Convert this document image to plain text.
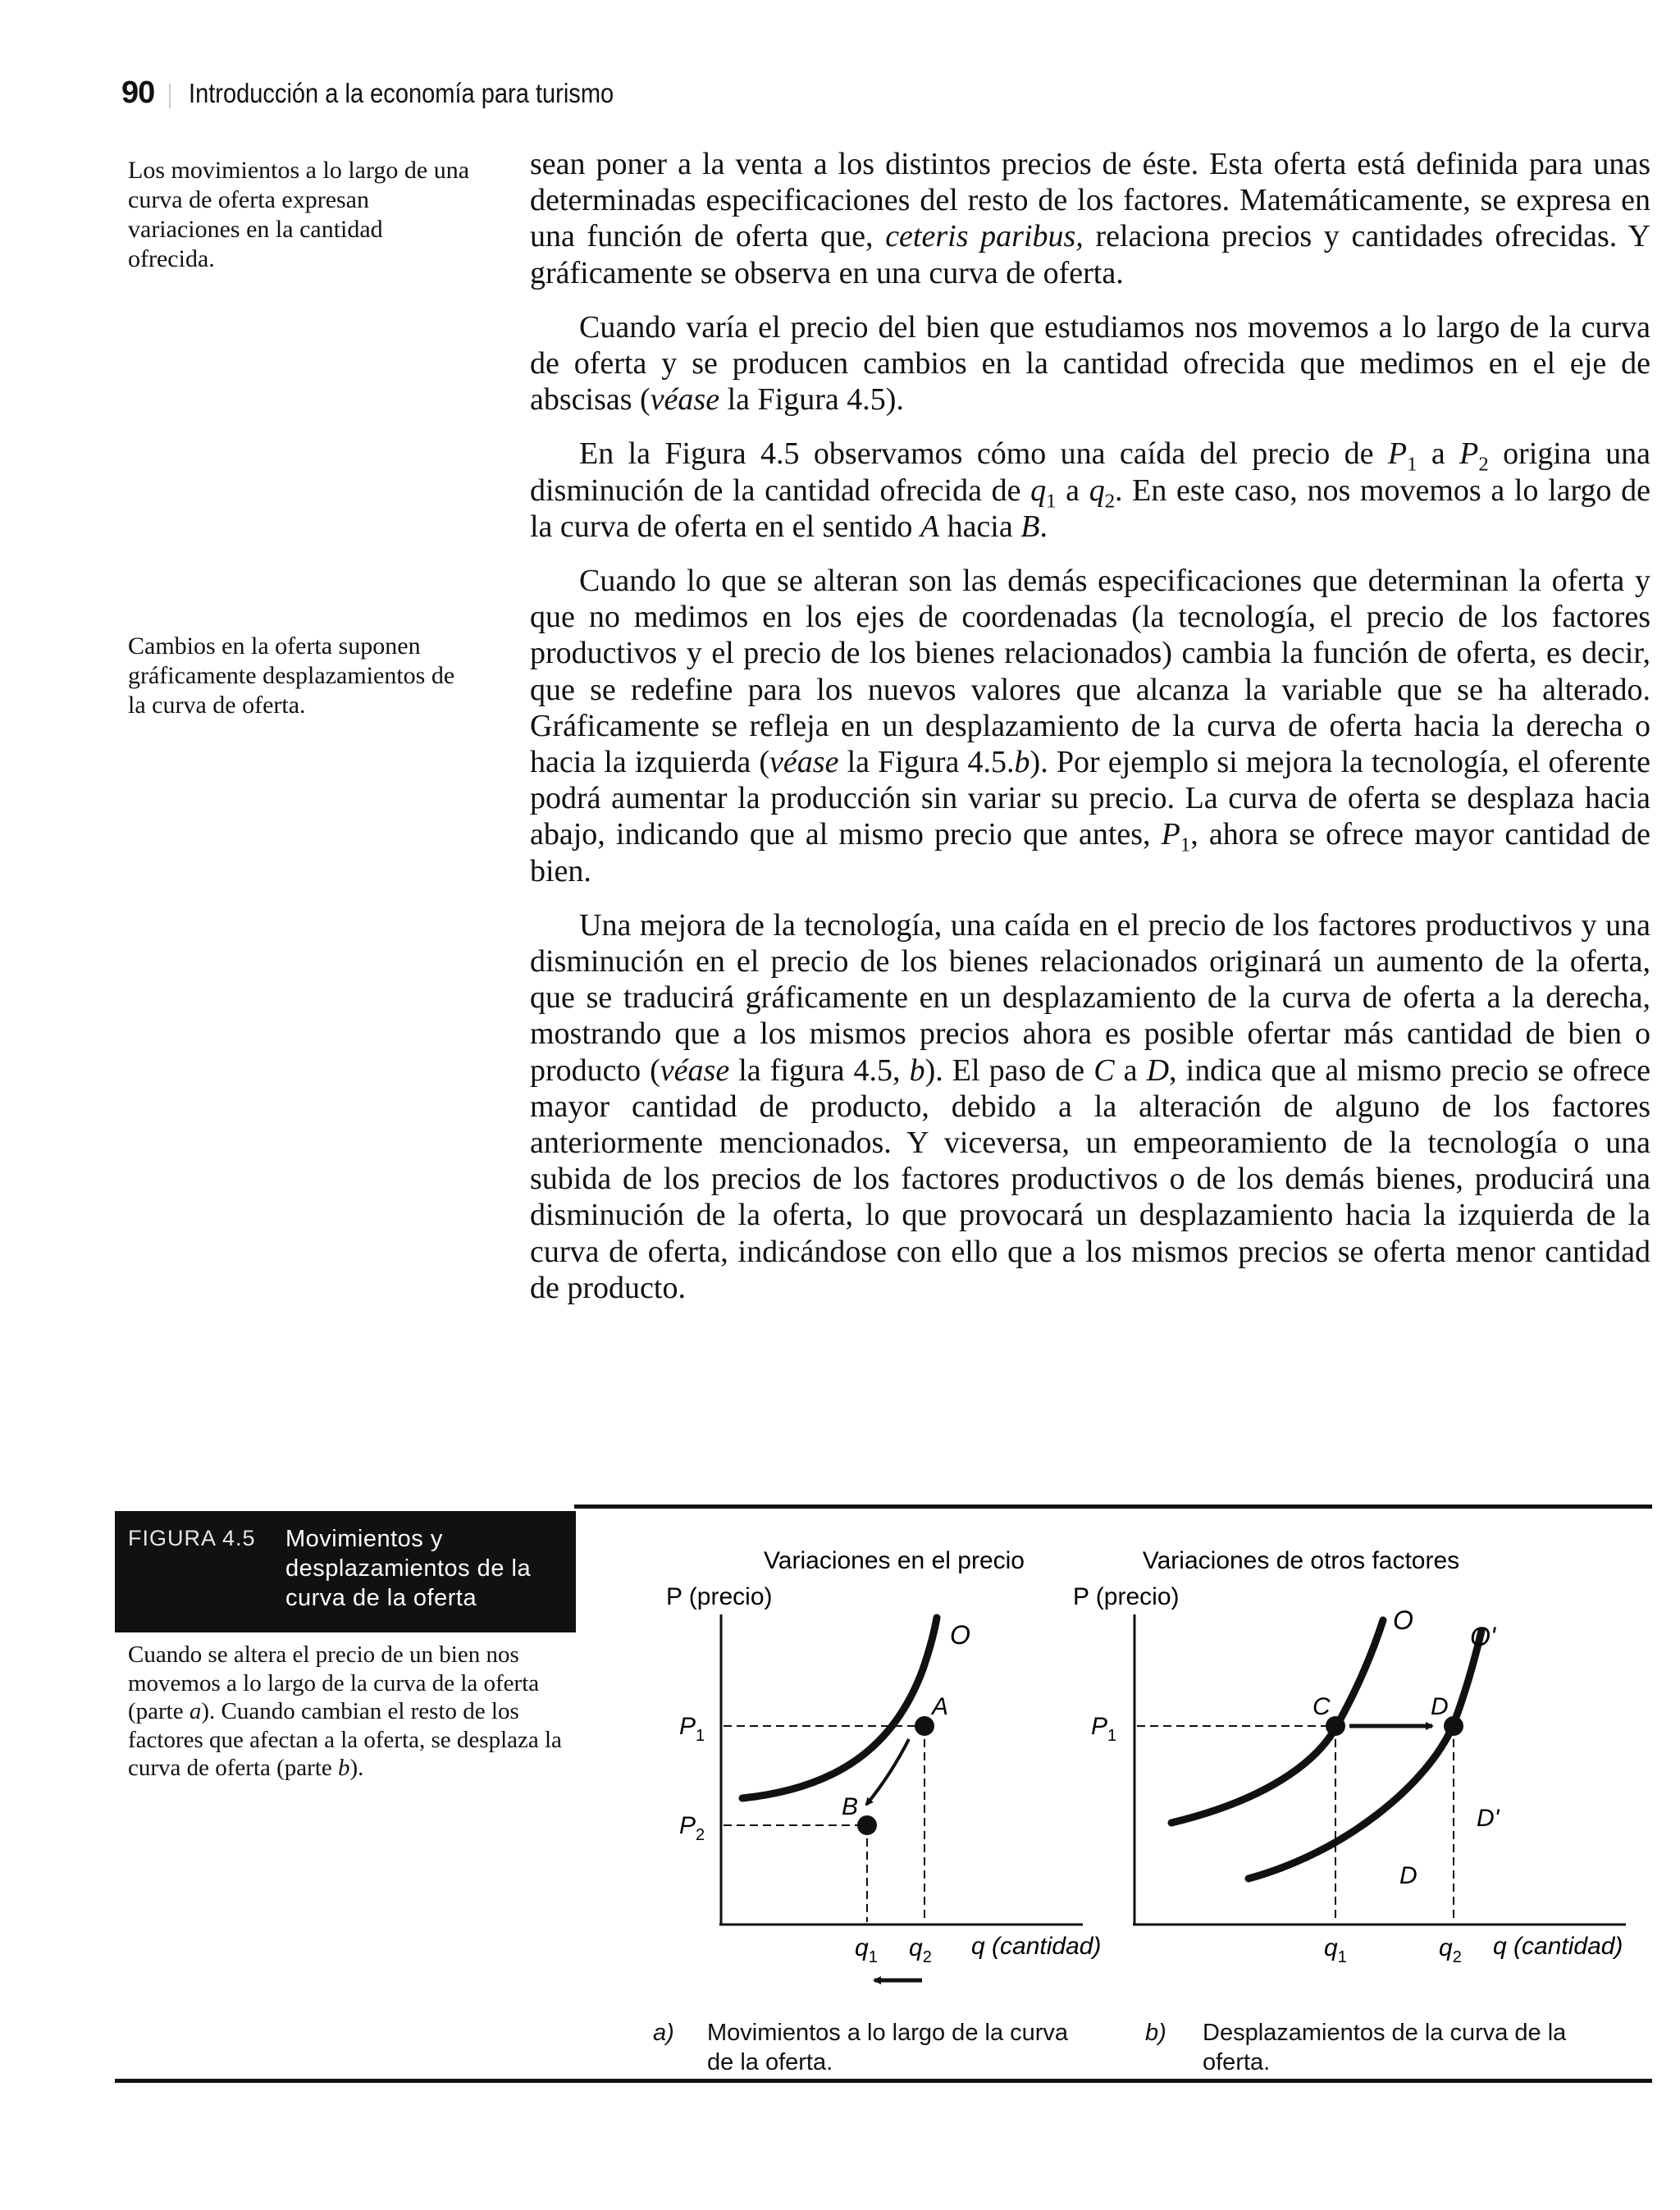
90 Introducción a la economía para turismo
Los movimientos a lo largo de una curva de oferta expresan variaciones en la cantidad ofrecida.
Cambios en la oferta suponen gráficamente desplazamientos de la curva de oferta.

sean poner a la venta a los distintos precios de éste. Esta oferta está definida para unas determinadas especificaciones del resto de los factores. Matemáticamente, se expresa en una función de oferta que, ceteris paribus, relaciona precios y cantidades ofrecidas. Y gráficamente se observa en una curva de oferta.

Cuando varía el precio del bien que estudiamos nos movemos a lo largo de la curva de oferta y se producen cambios en la cantidad ofrecida que medimos en el eje de abscisas (véase la Figura 4.5).

En la Figura 4.5 observamos cómo una caída del precio de $P_1$ a $P_2$ origina una disminución de la cantidad ofrecida de $q_1$ a $q_2$. En este caso, nos movemos a lo largo de la curva de oferta en el sentido A hacia B.

Cuando lo que se alteran son las demás especificaciones que determinan la oferta y que no medimos en los ejes de coordenadas (la tecnología, el precio de los factores productivos y el precio de los bienes relacionados) cambia la función de oferta, es decir, que se redefine para los nuevos valores que alcanza la variable que se ha alterado. Gráficamente se refleja en un desplazamiento de la curva de oferta hacia la derecha o hacia la izquierda (véase la Figura 4.5.b). Por ejemplo si mejora la tecnología, el oferente podrá aumentar la producción sin variar su precio. La curva de oferta se desplaza hacia abajo, indicando que al mismo precio que antes, $P_1$, ahora se ofrece mayor cantidad de bien.

Una mejora de la tecnología, una caída en el precio de los factores productivos y una disminución en el precio de los bienes relacionados originará un aumento de la oferta, que se traducirá gráficamente en un desplazamiento de la curva de oferta a la derecha, mostrando que a los mismos precios ahora es posible ofertar más cantidad de bien o producto (véase la figura 4.5, b). El paso de C a D, indica que al mismo precio se ofrece mayor cantidad de producto, debido a la alteración de alguno de los factores anteriormente mencionados. Y viceversa, un empeoramiento de la tecnología o una subida de los precios de los factores productivos o de los demás bienes, producirá una disminución de la oferta, lo que provocará un desplazamiento hacia la izquierda de la curva de oferta, indicándose con ello que a los mismos precios se oferta menor cantidad de producto.

FIGURA 4.5 Movimientos y desplazamientos de la curva de la oferta
Cuando se altera el precio de un bien nos movemos a lo largo de la curva de la oferta (parte a). Cuando cambian el resto de los factores que afectan a la oferta, se desplaza la curva de oferta (parte b).
Variaciones en el precio
P (precio)
O
A
B
$P_1$
$P_2$
$q_1$ $q_2$ q (cantidad)
Variaciones de otros factores
P (precio)
O
O'
C	D
D'
D
$P_1$
$q_1$	$q_2$ q (cantidad)
a) Movimientos a lo largo de la curva de la oferta.
b) Desplazamientos de la curva de la oferta.
